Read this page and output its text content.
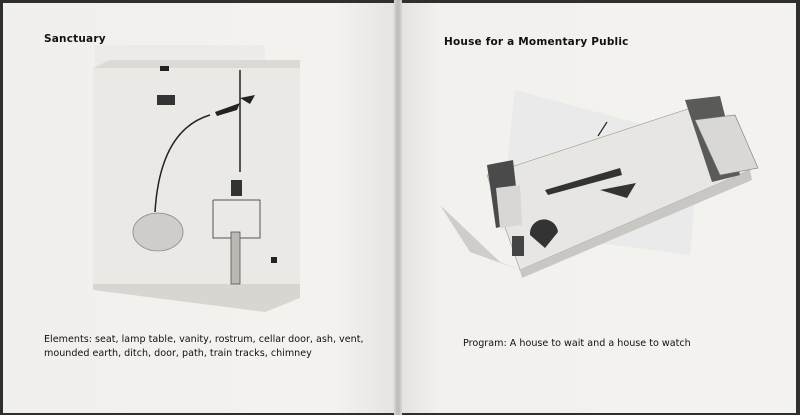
Sanctuary
Elements: seat, lamp table, vanity, rostrum, cellar door, ash, vent, mounded earth, ditch, door, path, train tracks, chimney
House for a Momentary Public
Program: A house to wait and a house to watch
